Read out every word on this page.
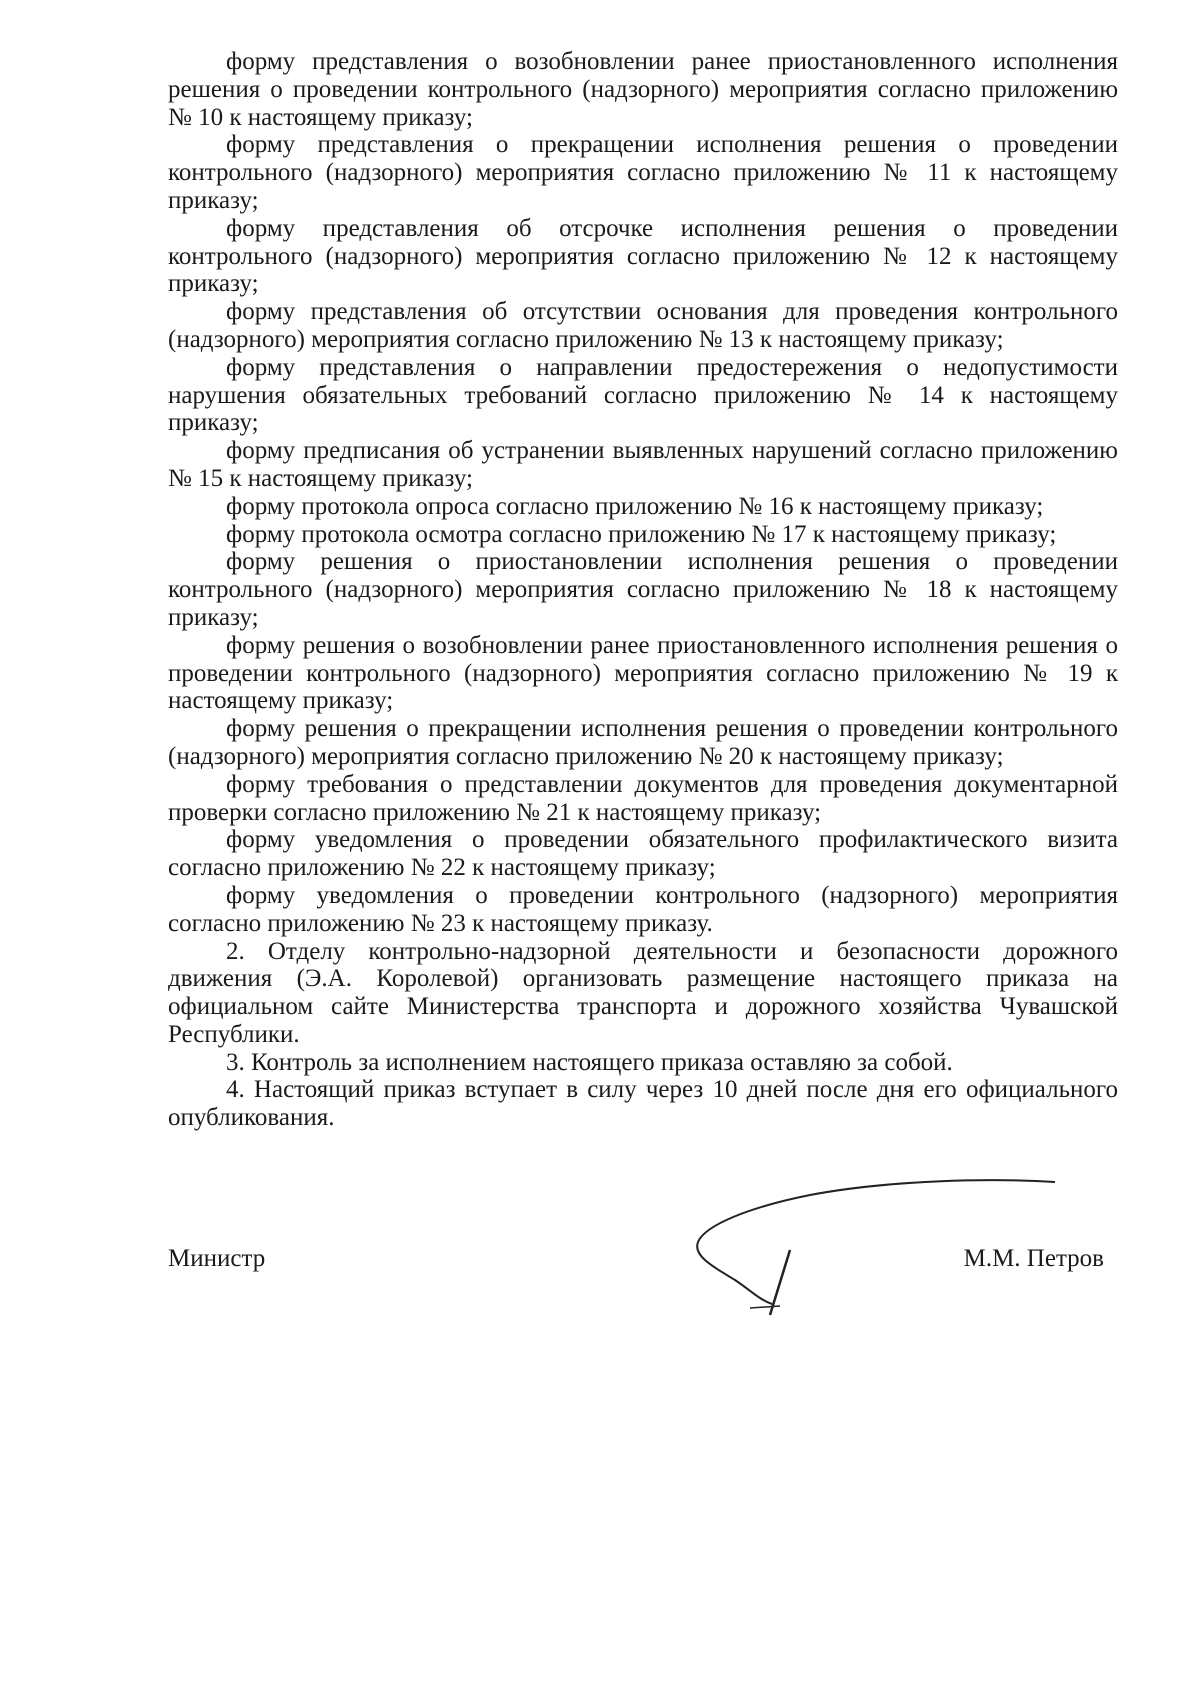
форму представления о возобновлении ранее приостановленного исполнения решения о проведении контрольного (надзорного) мероприятия согласно приложению № 10 к настоящему приказу;

форму представления о прекращении исполнения решения о проведении контрольного (надзорного) мероприятия согласно приложению № 11 к настоящему приказу;

форму представления об отсрочке исполнения решения о проведении контрольного (надзорного) мероприятия согласно приложению № 12 к настоящему приказу;

форму представления об отсутствии основания для проведения контрольного (надзорного) мероприятия согласно приложению № 13 к настоящему приказу;

форму представления о направлении предостережения о недопустимости нарушения обязательных требований согласно приложению № 14 к настоящему приказу;

форму предписания об устранении выявленных нарушений согласно приложению № 15 к настоящему приказу;

форму протокола опроса согласно приложению № 16 к настоящему приказу;

форму протокола осмотра согласно приложению № 17 к настоящему приказу;

форму решения о приостановлении исполнения решения о проведении контрольного (надзорного) мероприятия согласно приложению № 18 к настоящему приказу;

форму решения о возобновлении ранее приостановленного исполнения решения о проведении контрольного (надзорного) мероприятия согласно приложению № 19 к настоящему приказу;

форму решения о прекращении исполнения решения о проведении контрольного (надзорного) мероприятия согласно приложению № 20 к настоящему приказу;

форму требования о представлении документов для проведения документарной проверки согласно приложению № 21 к настоящему приказу;

форму уведомления о проведении обязательного профилактического визита согласно приложению № 22 к настоящему приказу;

форму уведомления о проведении контрольного (надзорного) мероприятия согласно приложению № 23 к настоящему приказу.

2. Отделу контрольно-надзорной деятельности и безопасности дорожного движения (Э.А. Королевой) организовать размещение настоящего приказа на официальном сайте Министерства транспорта и дорожного хозяйства Чувашской Республики.

3. Контроль за исполнением настоящего приказа оставляю за собой.

4. Настоящий приказ вступает в силу через 10 дней после дня его официального опубликования.

Министр	М.М. Петров
